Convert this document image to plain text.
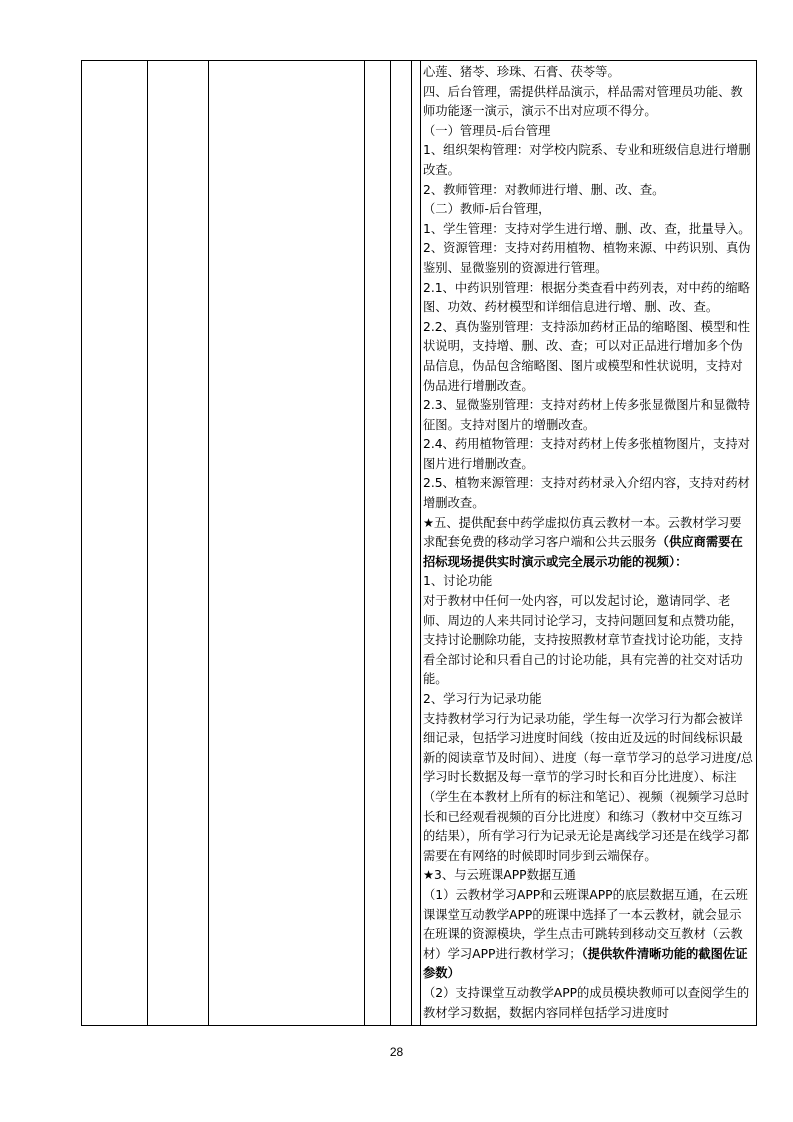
心莲、猪苓、珍珠、石膏、茯苓等。

四、后台管理，需提供样品演示，样品需对管理员功能、教师功能逐一演示，演示不出对应项不得分。

（一）管理员-后台管理

1、组织架构管理：对学校内院系、专业和班级信息进行增删改查。

2、教师管理：对教师进行增、删、改、查。

（二）教师-后台管理，

1、学生管理：支持对学生进行增、删、改、查，批量导入。

2、资源管理：支持对药用植物、植物来源、中药识别、真伪鉴别、显微鉴别的资源进行管理。

2.1、中药识别管理：根据分类查看中药列表，对中药的缩略图、功效、药材模型和详细信息进行增、删、改、查。

2.2、真伪鉴别管理：支持添加药材正品的缩略图、模型和性状说明，支持增、删、改、查；可以对正品进行增加多个伪品信息，伪品包含缩略图、图片或模型和性状说明，支持对伪品进行增删改查。

2.3、显微鉴别管理：支持对药材上传多张显微图片和显微特征图。支持对图片的增删改查。

2.4、药用植物管理：支持对药材上传多张植物图片，支持对图片进行增删改查。

2.5、植物来源管理：支持对药材录入介绍内容，支持对药材增删改查。

★五、提供配套中药学虚拟仿真云教材一本。云教材学习要求配套免费的移动学习客户端和公共云服务（供应商需要在招标现场提供实时演示或完全展示功能的视频）：

1、讨论功能

对于教材中任何一处内容，可以发起讨论，邀请同学、老师、周边的人来共同讨论学习，支持问题回复和点赞功能，支持讨论删除功能，支持按照教材章节查找讨论功能，支持看全部讨论和只看自己的讨论功能，具有完善的社交对话功能。

2、学习行为记录功能

支持教材学习行为记录功能，学生每一次学习行为都会被详细记录，包括学习进度时间线（按由近及远的时间线标识最新的阅读章节及时间）、进度（每一章节学习的总学习进度/总学习时长数据及每一章节的学习时长和百分比进度）、标注（学生在本教材上所有的标注和笔记）、视频（视频学习总时长和已经观看视频的百分比进度）和练习（教材中交互练习的结果），所有学习行为记录无论是离线学习还是在线学习都需要在有网络的时候即时同步到云端保存。

★3、与云班课APP数据互通

（1）云教材学习APP和云班课APP的底层数据互通，在云班课课堂互动教学APP的班课中选择了一本云教材，就会显示在班课的资源模块，学生点击可跳转到移动交互教材（云教材）学习APP进行教材学习；（提供软件清晰功能的截图佐证参数）

（2）支持课堂互动教学APP的成员模块教师可以查阅学生的教材学习数据，数据内容同样包括学习进度时

28
